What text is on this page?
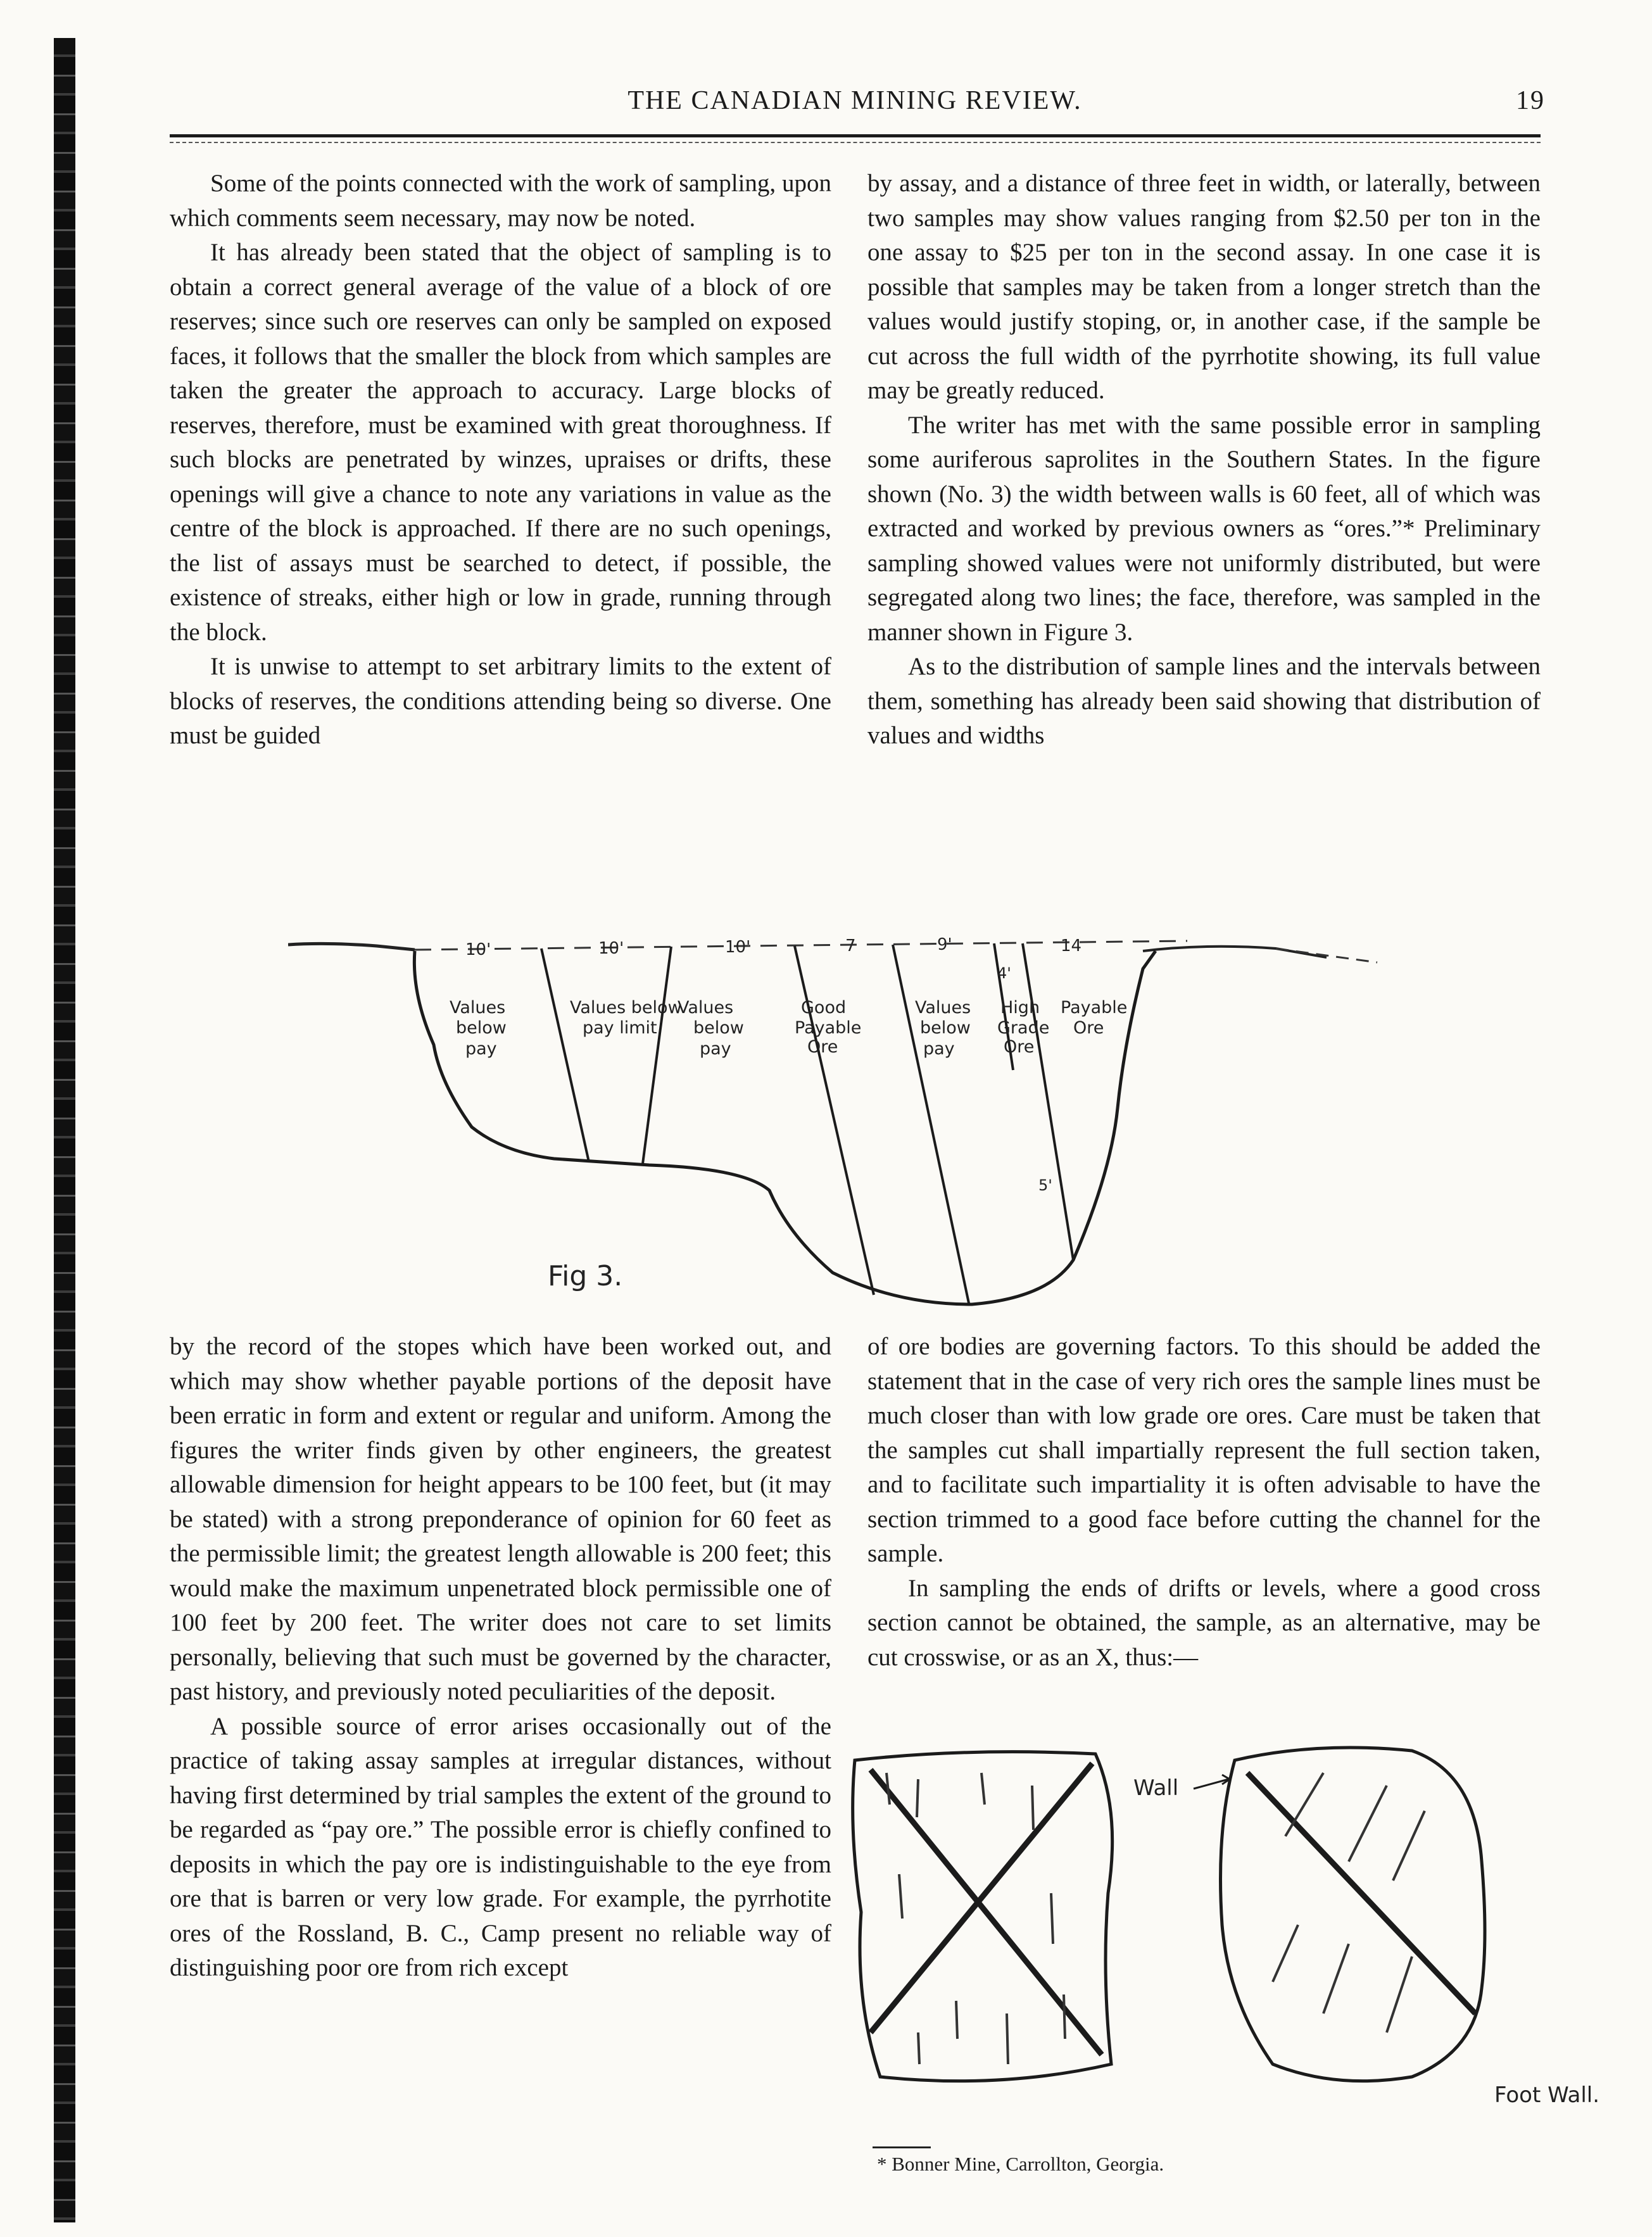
THE CANADIAN MINING REVIEW.	19

Some of the points connected with the work of sampling, upon which comments seem necessary, may now be noted.

It has already been stated that the object of sampling is to obtain a correct general average of the value of a block of ore reserves; since such ore reserves can only be sampled on exposed faces, it follows that the smaller the block from which samples are taken the greater the approach to accuracy. Large blocks of reserves, therefore, must be examined with great thoroughness. If such blocks are penetrated by winzes, upraises or drifts, these openings will give a chance to note any variations in value as the centre of the block is approached. If there are no such openings, the list of assays must be searched to detect, if possible, the existence of streaks, either high or low in grade, running through the block.

It is unwise to attempt to set arbitrary limits to the extent of blocks of reserves, the conditions attending being so diverse. One must be guided

by assay, and a distance of three feet in width, or laterally, between two samples may show values ranging from $2.50 per ton in the one assay to $25 per ton in the second assay. In one case it is possible that samples may be taken from a longer stretch than the values would justify stoping, or, in another case, if the sample be cut across the full width of the pyrrhotite showing, its full value may be greatly reduced.

The writer has met with the same possible error in sampling some auriferous saprolites in the Southern States. In the figure shown (No. 3) the width between walls is 60 feet, all of which was extracted and worked by previous owners as “ores.”* Preliminary sampling showed values were not uniformly distributed, but were segregated along two lines; the face, therefore, was sampled in the manner shown in Figure 3.

As to the distribution of sample lines and the intervals between them, something has already been said showing that distribution of values and widths

10'	10'	10'	7	9'	14
4'
5'
Values
below
pay
Values below
pay limit
Values
below
pay
Good
Payable
Ore
Values
below
pay
High
Grade
Ore
Payable
Ore
Fig 3.

by the record of the stopes which have been worked out, and which may show whether payable portions of the deposit have been erratic in form and extent or regular and uniform. Among the figures the writer finds given by other engineers, the greatest allowable dimension for height appears to be 100 feet, but (it may be stated) with a strong preponderance of opinion for 60 feet as the permissible limit; the greatest length allowable is 200 feet; this would make the maximum unpenetrated block permissible one of 100 feet by 200 feet. The writer does not care to set limits personally, believing that such must be governed by the character, past history, and previously noted peculiarities of the deposit.

A possible source of error arises occasionally out of the practice of taking assay samples at irregular distances, without having first determined by trial samples the extent of the ground to be regarded as “pay ore.” The possible error is chiefly confined to deposits in which the pay ore is indistinguishable to the eye from ore that is barren or very low grade. For example, the pyrrhotite ores of the Rossland, B. C., Camp present no reliable way of distinguishing poor ore from rich except

of ore bodies are governing factors. To this should be added the statement that in the case of very rich ores the sample lines must be much closer than with low grade ore ores. Care must be taken that the samples cut shall impartially represent the full section taken, and to facilitate such impartiality it is often advisable to have the section trimmed to a good face before cutting the channel for the sample.

In sampling the ends of drifts or levels, where a good cross section cannot be obtained, the sample, as an alternative, may be cut crosswise, or as an X, thus:—

Wall
Foot Wall.
* Bonner Mine, Carrollton, Georgia.
